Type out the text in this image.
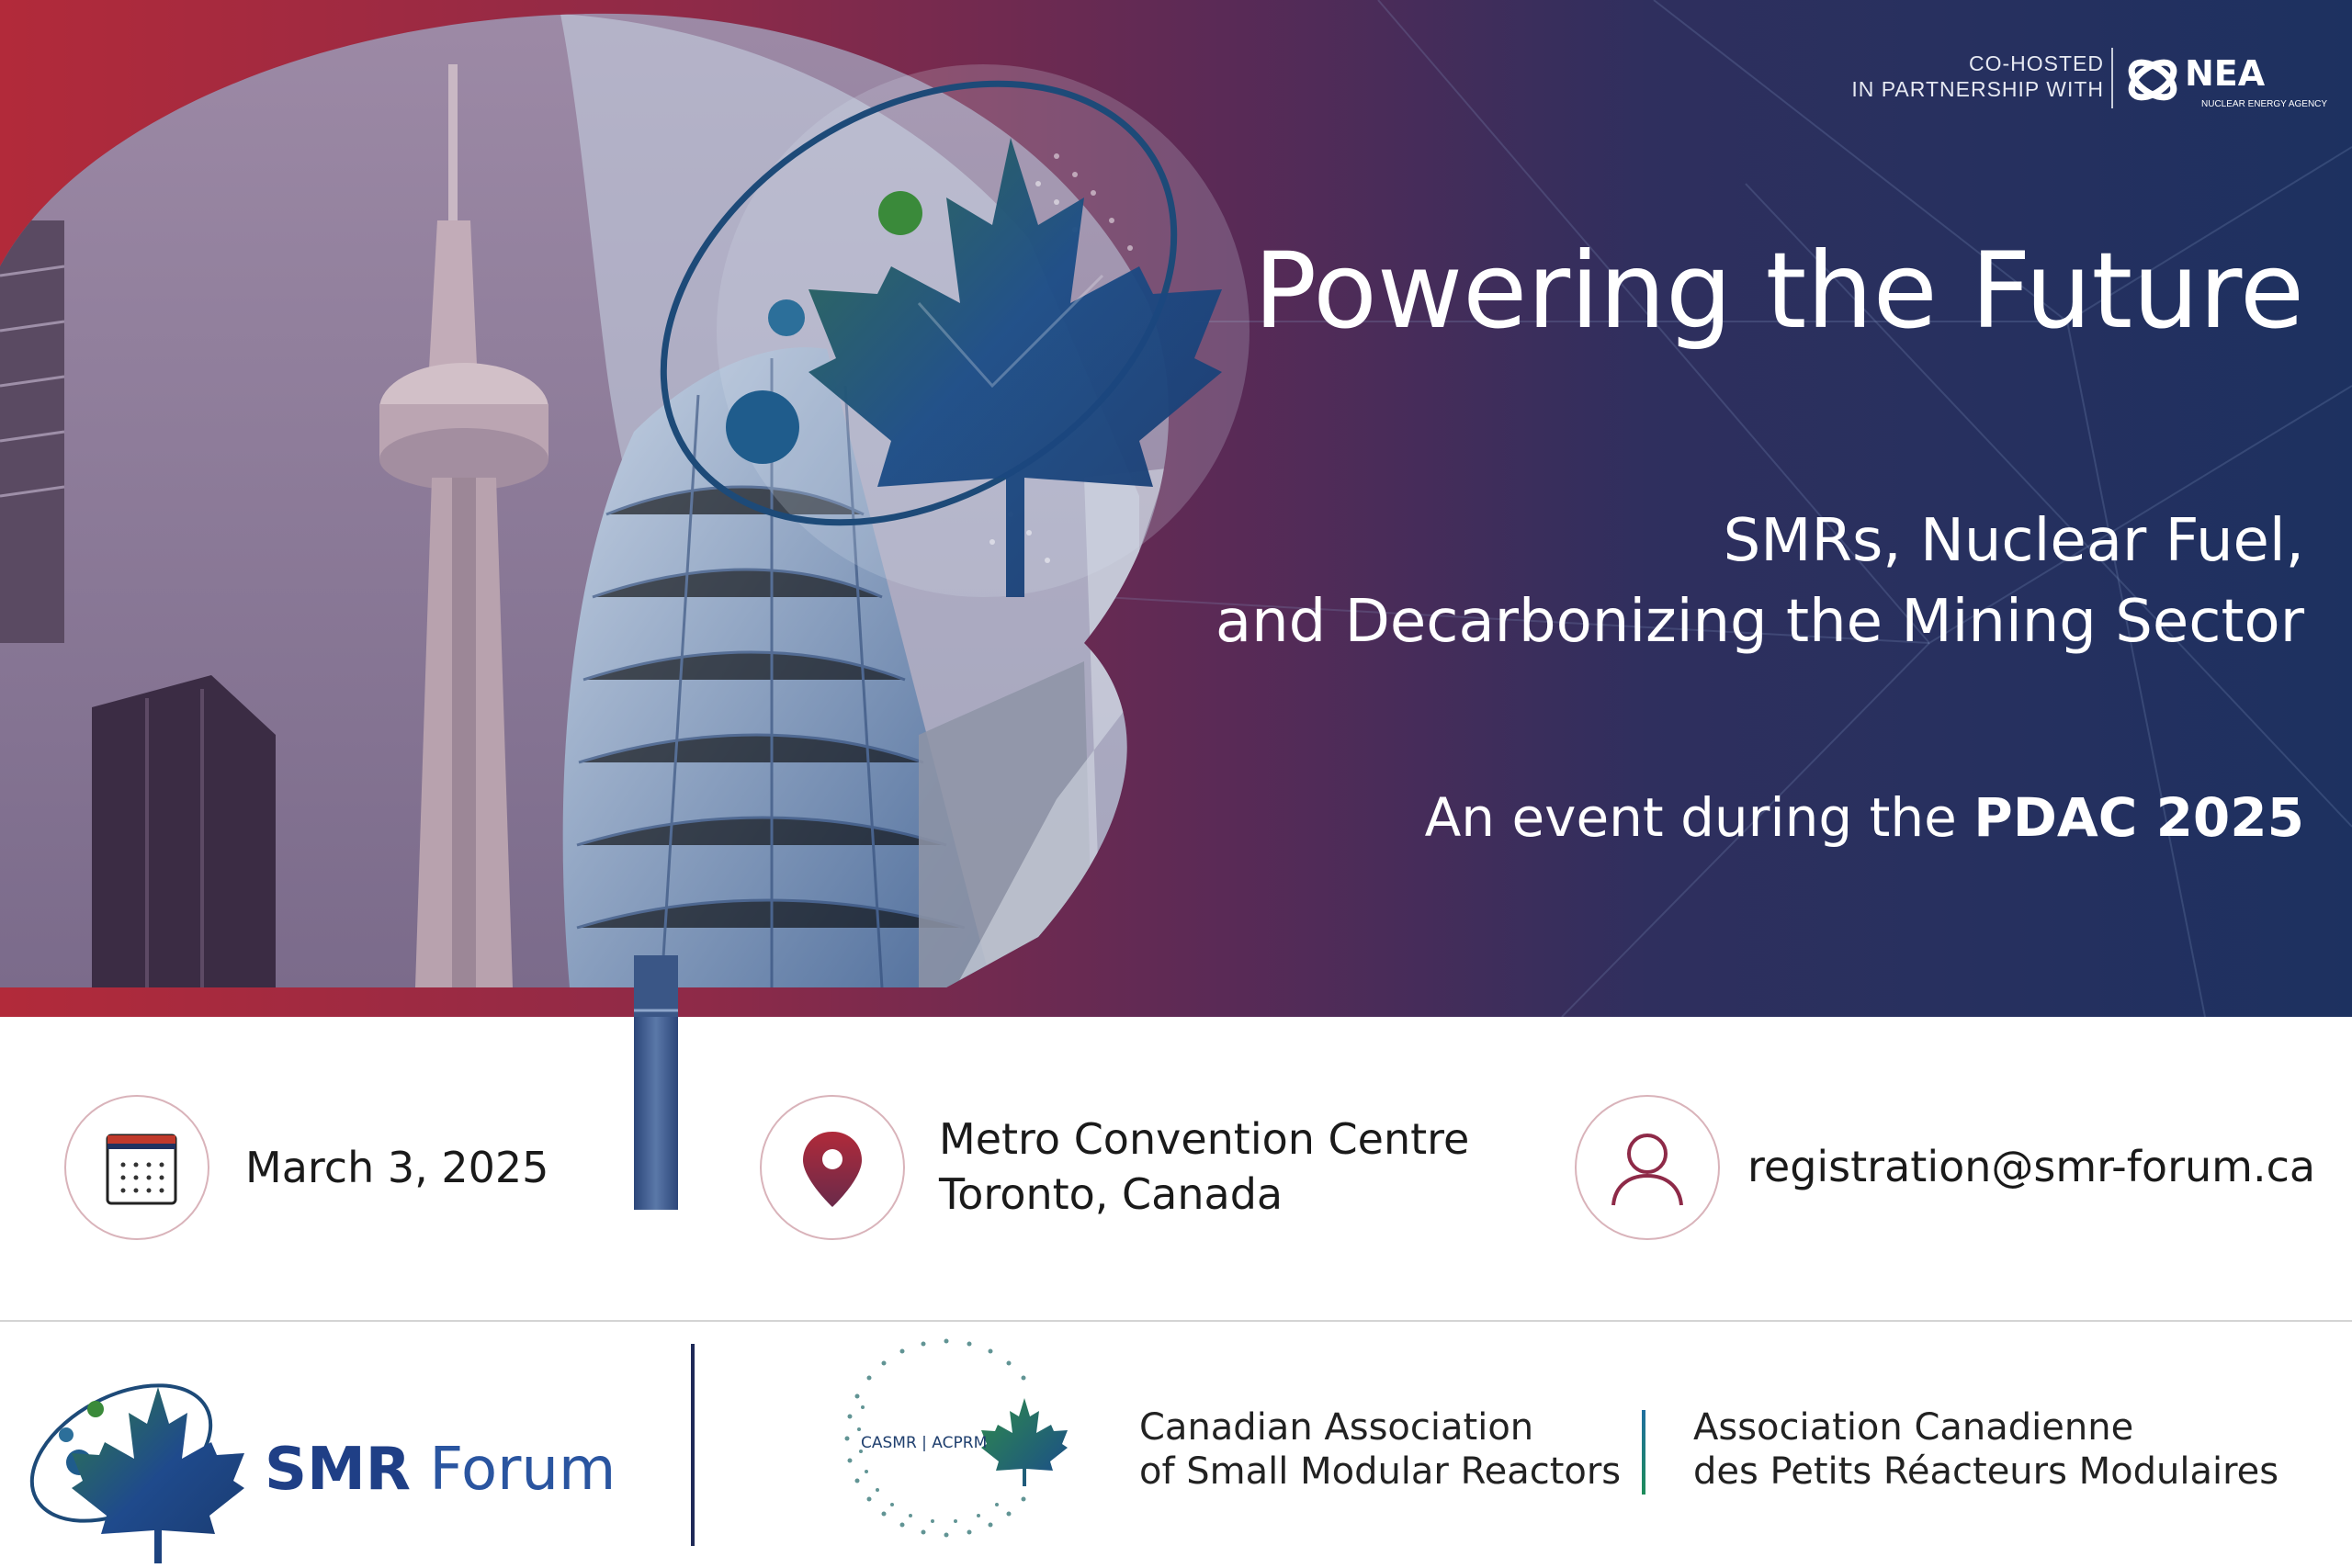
CO-HOSTED
IN PARTNERSHIP WITH NEA
NUCLEAR ENERGY AGENCY
Powering the Future
SMRs, Nuclear Fuel,
and Decarbonizing the Mining Sector
An event during the PDAC 2025
March 3, 2025
Metro Convention Centre
Toronto, Canada
registration@smr-forum.ca
SMR Forum	CASMR | ACPRM	Canadian Association
of Small Modular Reactors
Association Canadienne
des Petits Réacteurs Modulaires
